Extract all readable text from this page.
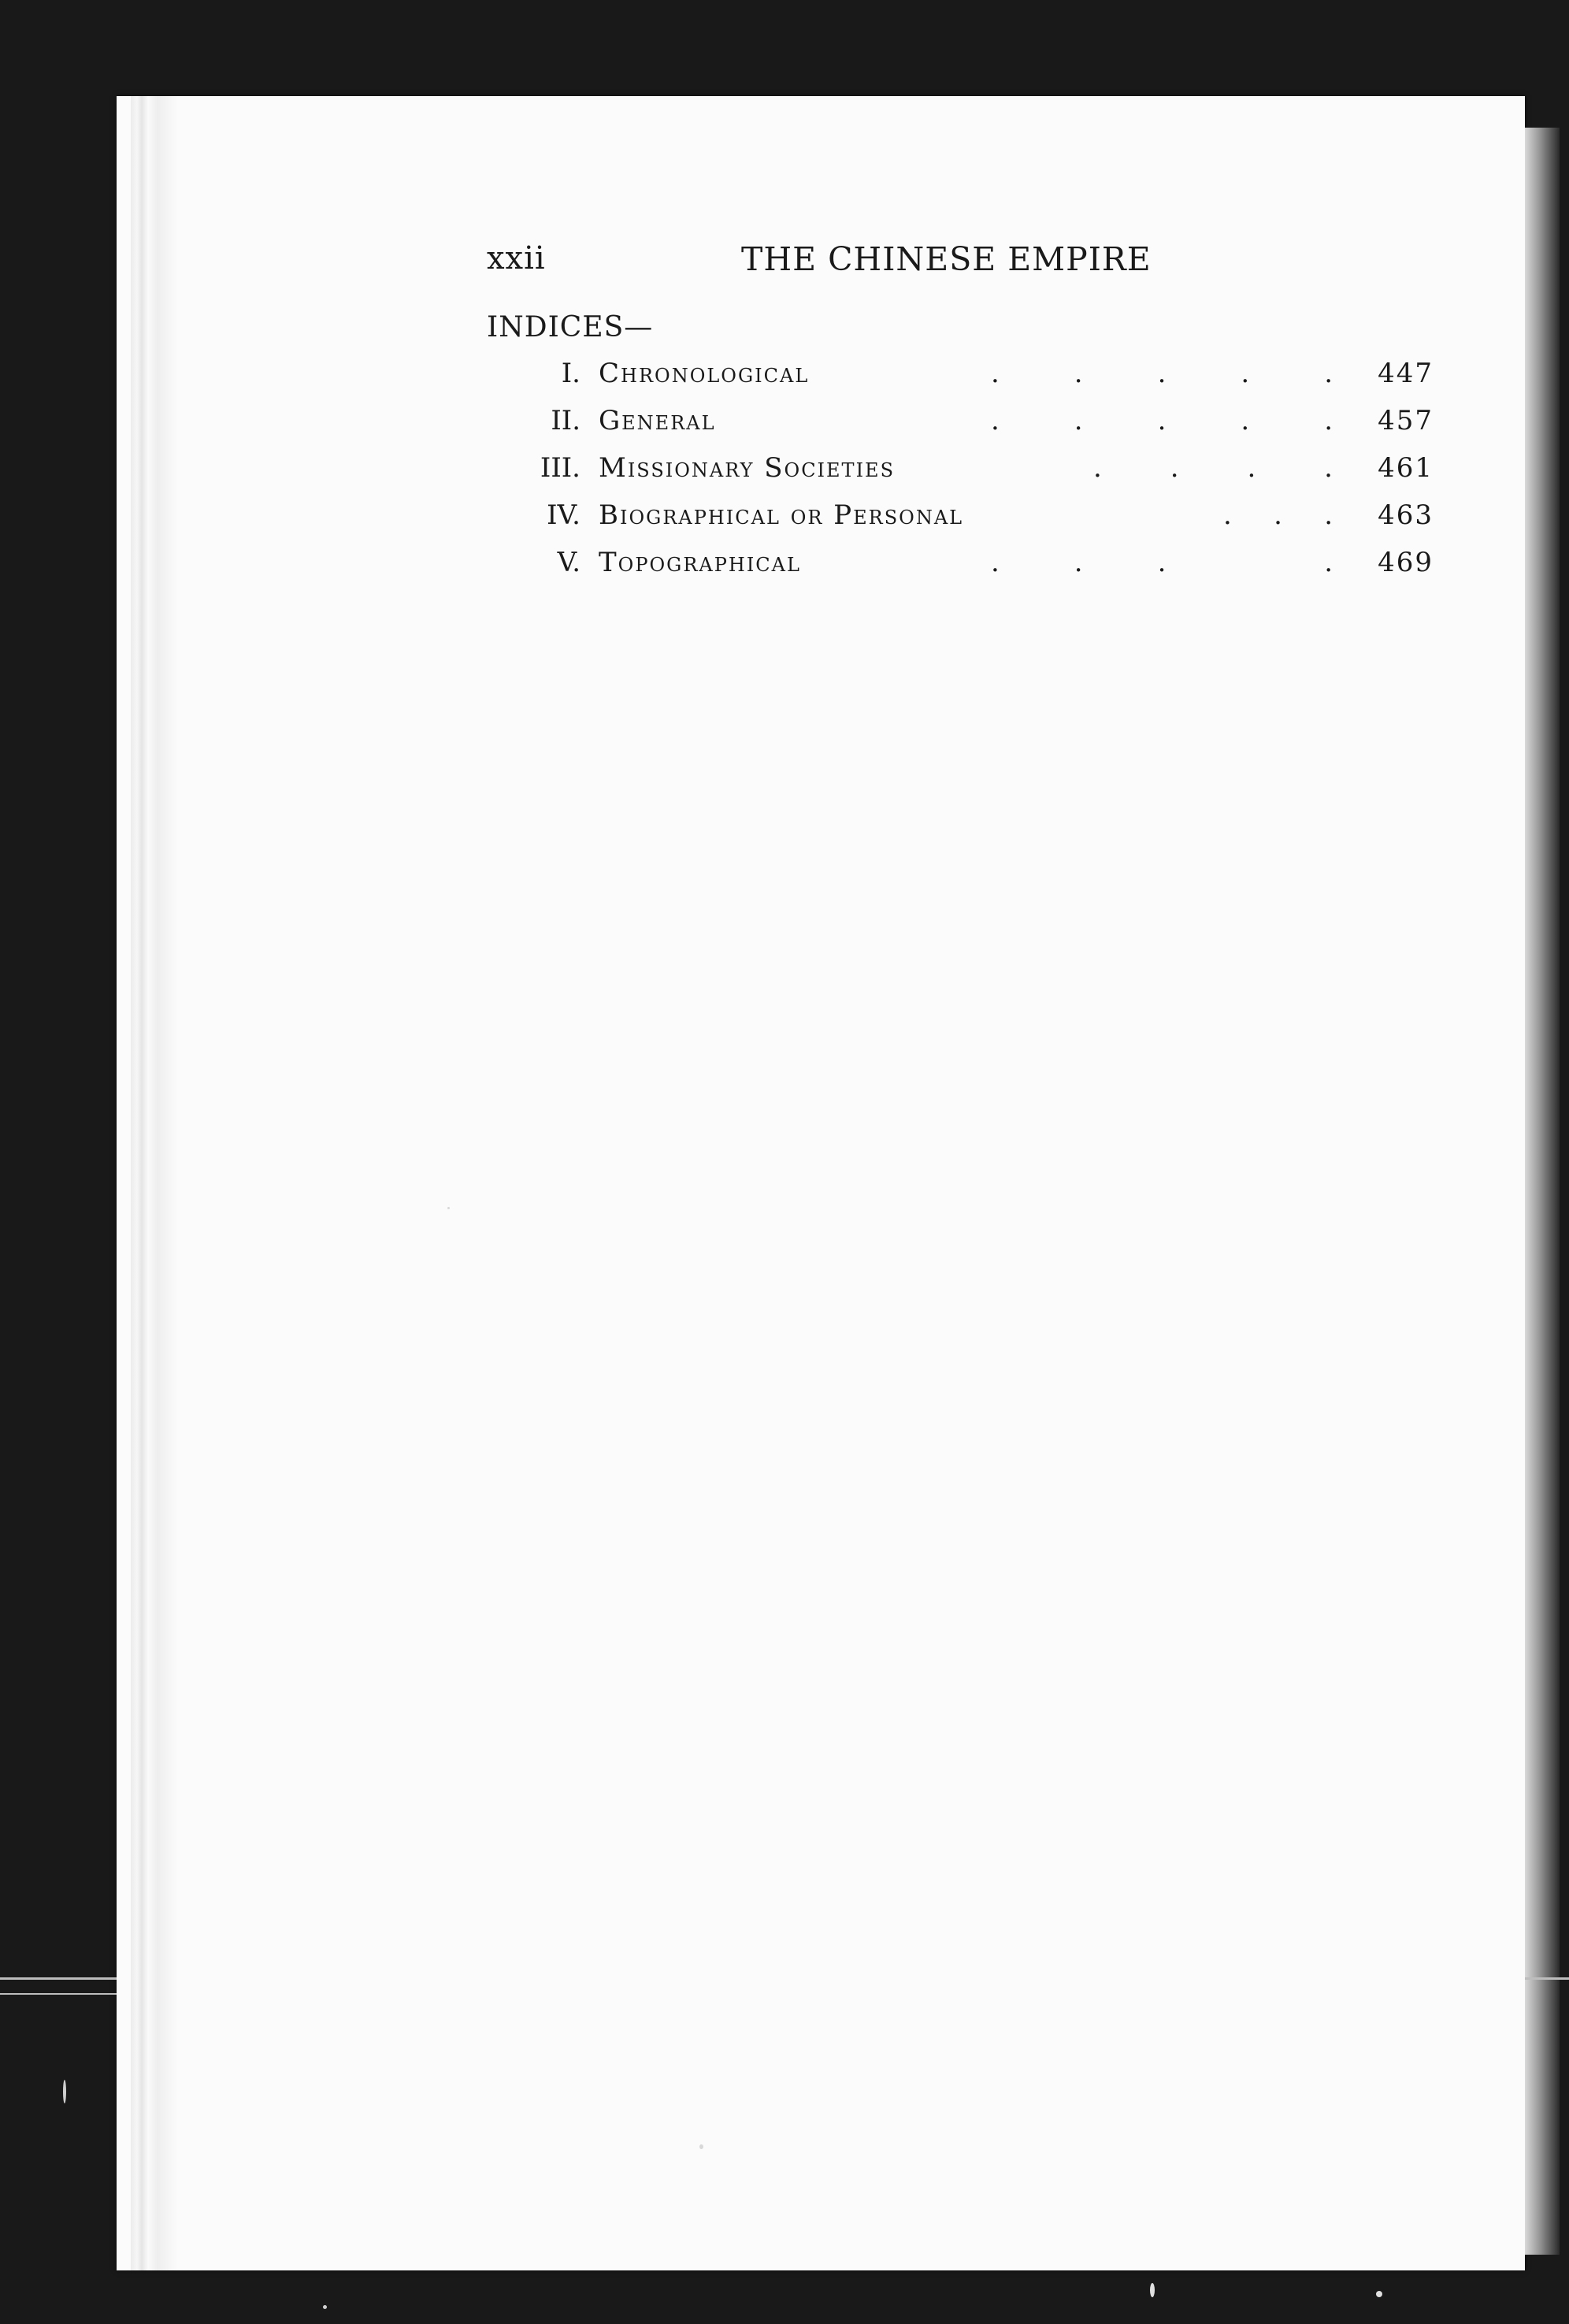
xxii	THE CHINESE EMPIRE
INDICES—
I. Chronological	.	.	.	.	. 447
II. General	.	.	.	.	. 457
III. Missionary Societies	.	.	.	. 461
IV. Biographical or Personal	. . . 463
V. Topographical	.	.	.	. 469
